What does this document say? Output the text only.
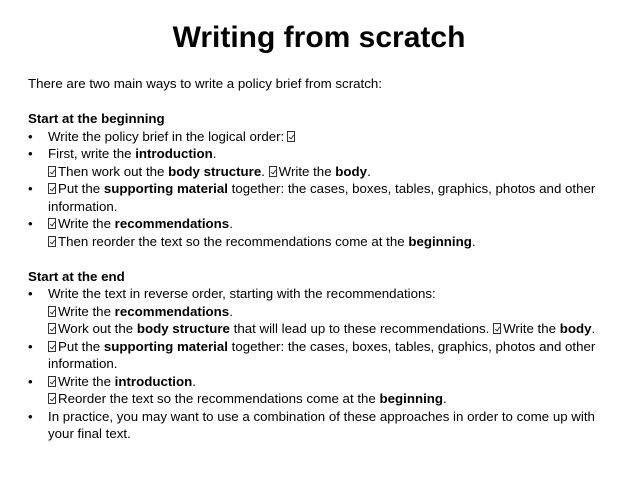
Writing from scratch

There are two main ways to write a policy brief from scratch:

Start at the beginning

• Write the policy brief in the logical order:
• First, write the introduction.
Then work out the body structure. Write the body.
•	Put the supporting material together: the cases, boxes, tables, graphics, photos and other information.
•	Write the recommendations.
Then reorder the text so the recommendations come at the beginning.

Start at the end

• Write the text in reverse order, starting with the recommendations:
Write the recommendations.
Work out the body structure that will lead up to these recommendations. Write the body.
•	Put the supporting material together: the cases, boxes, tables, graphics, photos and other information.
•	Write the introduction.
Reorder the text so the recommendations come at the beginning.
• In practice, you may want to use a combination of these approaches in order to come up with your final text.
